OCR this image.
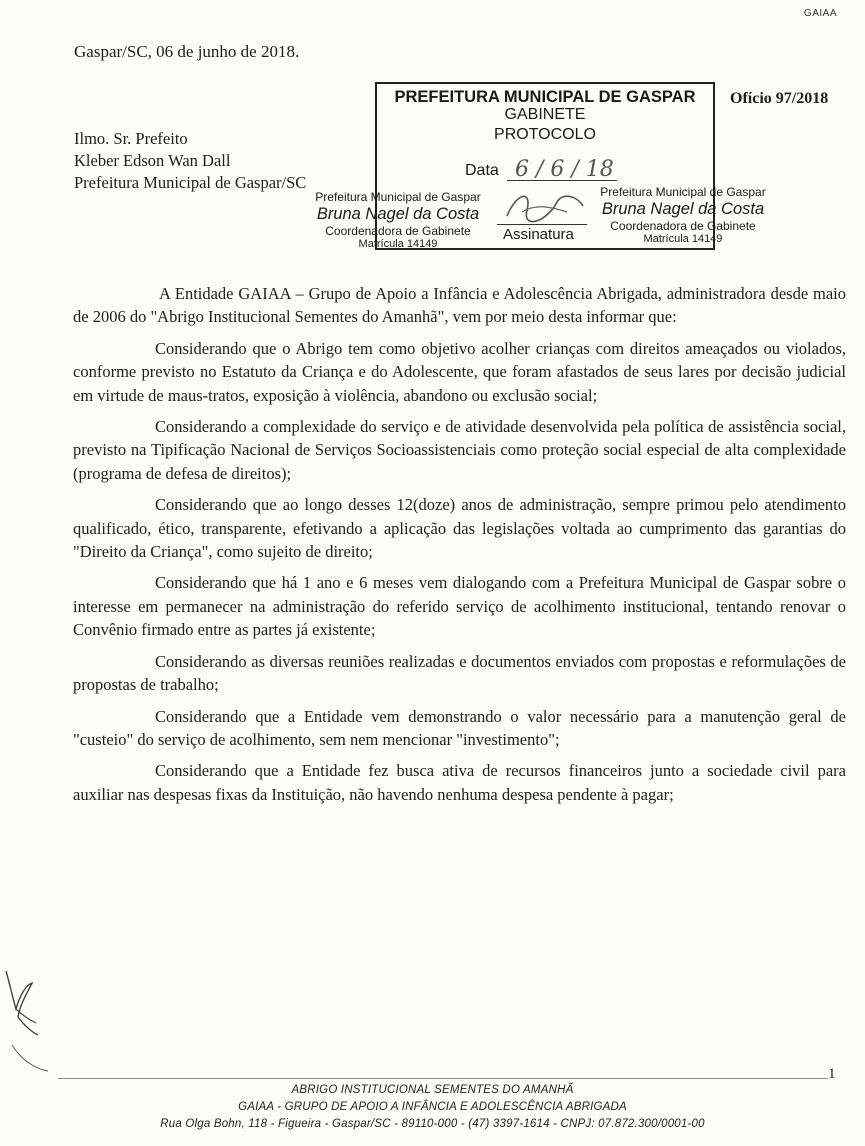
GAIAA
Gaspar/SC, 06 de junho de 2018.
Ofício 97/2018
Ilmo. Sr. Prefeito
Kleber Edson Wan Dall
Prefeitura Municipal de Gaspar/SC
PREFEITURA MUNICIPAL DE GASPAR
GABINETE
PROTOCOLO
Data 6 / 6 / 18
Assinatura
Prefeitura Municipal de Gaspar
Bruna Nagel da Costa
Coordenadora de Gabinete
Matrícula 14149
Prefeitura Municipal de Gaspar
Bruna Nagel da Costa
Coordenadora de Gabinete
Matrícula 14149

A Entidade GAIAA – Grupo de Apoio a Infância e Adolescência Abrigada, administradora desde maio de 2006 do "Abrigo Institucional Sementes do Amanhã", vem por meio desta informar que:

Considerando que o Abrigo tem como objetivo acolher crianças com direitos ameaçados ou violados, conforme previsto no Estatuto da Criança e do Adolescente, que foram afastados de seus lares por decisão judicial em virtude de maus-tratos, exposição à violência, abandono ou exclusão social;

Considerando a complexidade do serviço e de atividade desenvolvida pela política de assistência social, previsto na Tipificação Nacional de Serviços Socioassistenciais como proteção social especial de alta complexidade (programa de defesa de direitos);

Considerando que ao longo desses 12(doze) anos de administração, sempre primou pelo atendimento qualificado, ético, transparente, efetivando a aplicação das legislações voltada ao cumprimento das garantias do "Direito da Criança", como sujeito de direito;

Considerando que há 1 ano e 6 meses vem dialogando com a Prefeitura Municipal de Gaspar sobre o interesse em permanecer na administração do referido serviço de acolhimento institucional, tentando renovar o Convênio firmado entre as partes já existente;

Considerando as diversas reuniões realizadas e documentos enviados com propostas e reformulações de propostas de trabalho;

Considerando que a Entidade vem demonstrando o valor necessário para a manutenção geral de "custeio" do serviço de acolhimento, sem nem mencionar "investimento";

Considerando que a Entidade fez busca ativa de recursos financeiros junto a sociedade civil para auxiliar nas despesas fixas da Instituição, não havendo nenhuma despesa pendente à pagar;

1
ABRIGO INSTITUCIONAL SEMENTES DO AMANHÃ
GAIAA - GRUPO DE APOIO A INFÂNCIA E ADOLESCÊNCIA ABRIGADA
Rua Olga Bohn, 118 - Figueira - Gaspar/SC - 89110-000 - (47) 3397-1614 - CNPJ: 07.872.300/0001-00
